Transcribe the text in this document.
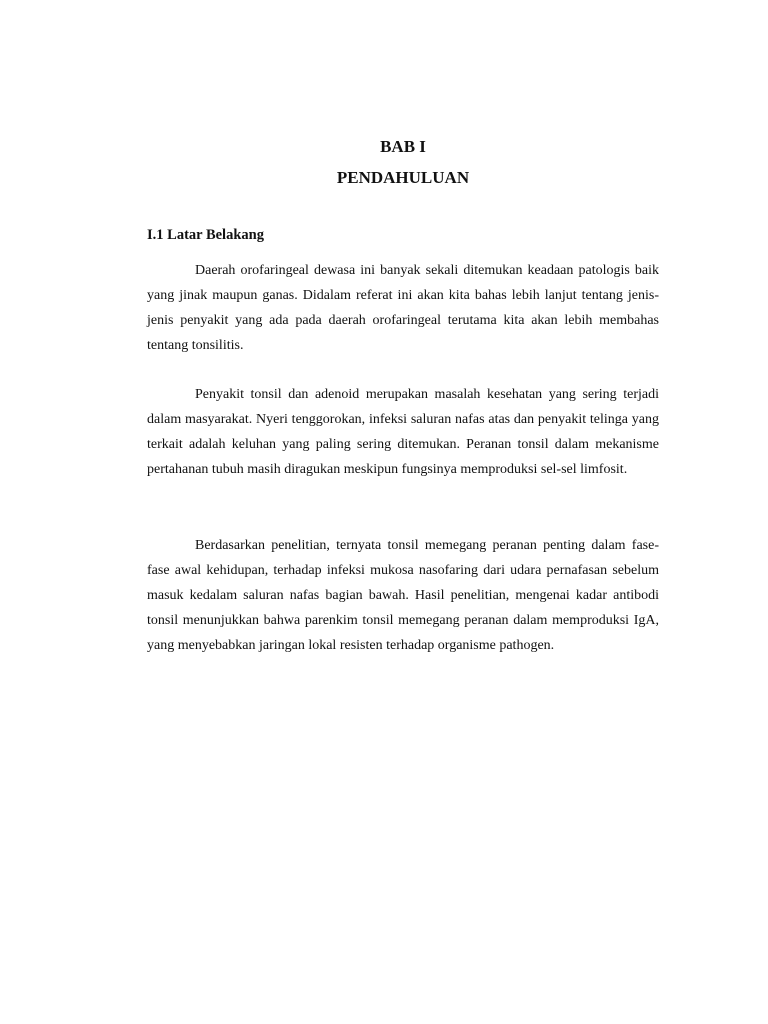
BAB I
PENDAHULUAN
I.1 Latar Belakang

Daerah orofaringeal dewasa ini banyak sekali ditemukan keadaan patologis baik yang jinak maupun ganas. Didalam referat ini akan kita bahas lebih lanjut tentang jenis-jenis penyakit yang ada pada daerah orofaringeal terutama kita akan lebih membahas tentang tonsilitis.

Penyakit tonsil dan adenoid merupakan masalah kesehatan yang sering terjadi dalam masyarakat. Nyeri tenggorokan, infeksi saluran nafas atas dan penyakit telinga yang terkait adalah keluhan yang paling sering ditemukan. Peranan tonsil dalam mekanisme pertahanan tubuh masih diragukan meskipun fungsinya memproduksi sel-sel limfosit.

Berdasarkan penelitian, ternyata tonsil memegang peranan penting dalam fase-fase awal kehidupan, terhadap infeksi mukosa nasofaring dari udara pernafasan sebelum masuk kedalam saluran nafas bagian bawah. Hasil penelitian, mengenai kadar antibodi tonsil menunjukkan bahwa parenkim tonsil memegang peranan dalam memproduksi IgA, yang menyebabkan jaringan lokal resisten terhadap organisme pathogen.
